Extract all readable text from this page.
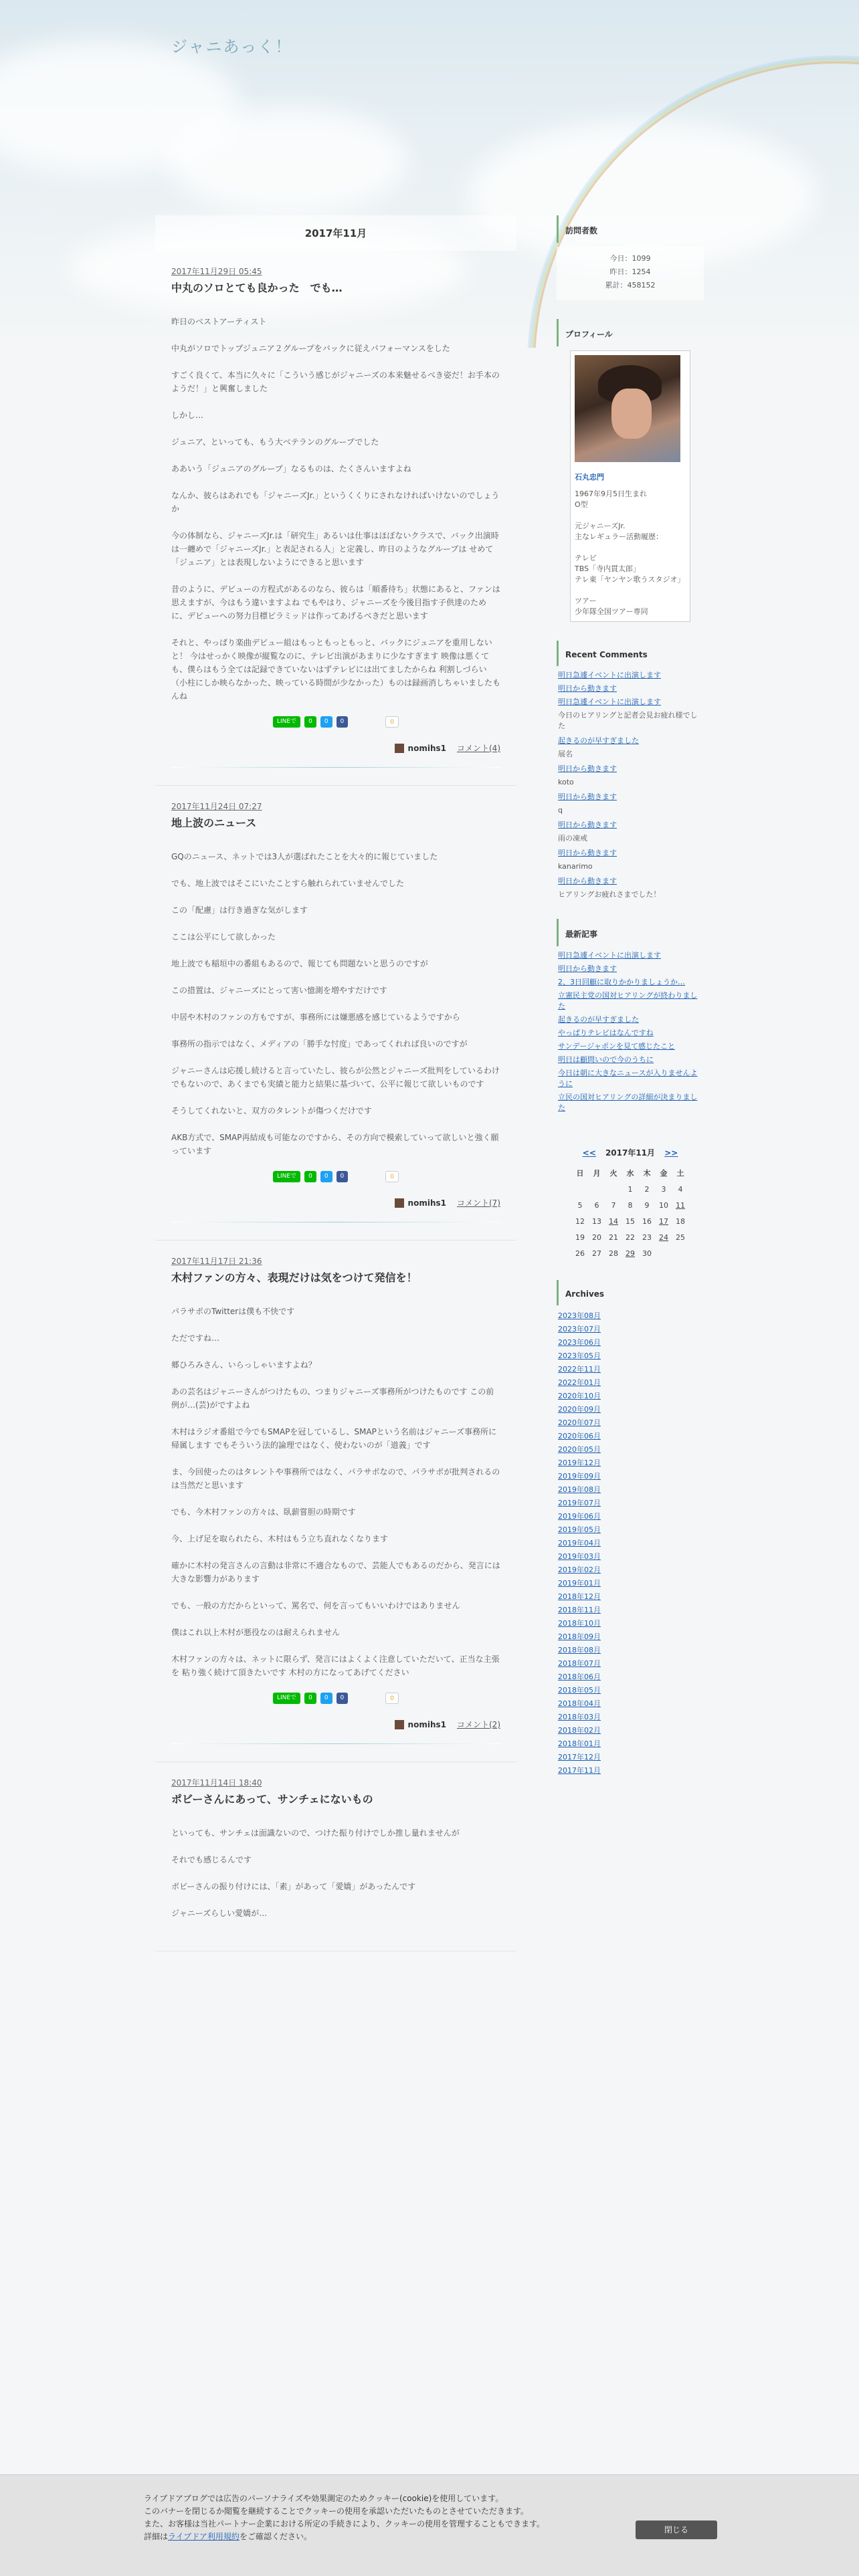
ジャニあっく！
2017年11月
2017年11月29日 05:45
中丸のソロとても良かった　でも…

昨日のベストアーティスト

中丸がソロでトップジュニア２グループをバックに従えパフォーマンスをした

すごく良くて、本当に久々に「こういう感じがジャニーズの本来魅せるべき姿だ！お手本のようだ！」と興奮しました

しかし…

ジュニア、といっても、もう大ベテランのグループでした

ああいう「ジュニアのグループ」なるものは、たくさんいますよね

なんか、彼らはあれでも「ジャニーズJr.」というくくりにされなければいけないのでしょうか

今の体制なら、ジャニーズJr.は「研究生」あるいは仕事はほぼないクラスで、バック出演時は一纏めで「ジャニーズJr.」と表記される人」と定義し、昨日のようなグループは せめて「ジュニア」とは表現しないようにできると思います

昔のように、デビューの方程式があるのなら、彼らは「順番待ち」状態にあると、ファンは思えますが、今はもう違いますよね でもやはり、ジャニーズを今後目指す子供達のために、デビューへの努力目標ピラミッドは作ってあげるべきだと思います

それと、やっぱり楽曲デビュー組はもっともっともっと、バックにジュニアを重用しないと！ 今はせっかく映像が縦覧なのに、テレビ出演があまりに少なすぎます 映像は悪くても、僕らはもう全ては記録できていないはずテレビには出てましたからね 利割しづらい（小柱にしか映らなかった、映っている時間が少なかった）ものは録画消しちゃいましたもんね

LINEで	0	0	0	0
nomihs1 コメント(4)
2017年11月24日 07:27
地上波のニュース

GQのニュース、ネットでは3人が選ばれたことを大々的に報じていました

でも、地上波ではそこにいたことすら触れられていませんでした

この「配慮」は行き過ぎな気がします

ここは公平にして欲しかった

地上波でも稲垣中の番組もあるので、報じても問題ないと思うのですが

この措置は、ジャニーズにとって害い憶測を増やすだけです

中居や木村のファンの方もですが、事務所には嫌悪感を感じているようですから

事務所の指示ではなく、メディアの「勝手な忖度」であってくれれば良いのですが

ジャニーさんは応援し続けると言っていたし、彼らが公然とジャニーズ批判をしているわけでもないので、あくまでも実績と能力と結果に基づいて、公平に報じて欲しいものです

そうしてくれないと、双方のタレントが傷つくだけです

AKB方式で、SMAP再結成も可能なのですから、その方向で模索していって欲しいと強く願っています

LINEで	0	0	0	0
nomihs1 コメント(7)
2017年11月17日 21:36
木村ファンの方々、表現だけは気をつけて発信を！

パラサポのTwitterは僕も不快です

ただですね…

郷ひろみさん、いらっしゃいますよね？

あの芸名はジャニーさんがつけたもの、つまりジャニーズ事務所がつけたものです この前例が…(芸)がですよね

木村はラジオ番組で今でもSMAPを冠しているし、SMAPという名前はジャニーズ事務所に帰属します でもそういう法的論理ではなく、使わないのが「道義」です

ま、今回使ったのはタレントや事務所ではなく、パラサポなので、パラサポが批判されるのは当然だと思います

でも、今木村ファンの方々は、臥薪嘗胆の時期です

今、上げ足を取られたら、木村はもう立ち直れなくなります

確かに木村の発言さんの言動は非常に不適合なもので、芸能人でもあるのだから、発言には大きな影響力があります

でも、一般の方だからといって、罵名で、何を言ってもいいわけではありません

僕はこれ以上木村が悪役なのは耐えられません

木村ファンの方々は、ネットに限らず、発言にはよくよく注意していただいて、正当な主張を 粘り強く続けて頂きたいです 木村の方になってあげてください

LINEで	0	0	0	0
nomihs1 コメント(2)
2017年11月14日 18:40
ポビーさんにあって、サンチェにないもの

といっても、サンチェは面識ないので、つけた振り付けでしか推し量れませんが

それでも感じるんです

ポビーさんの振り付けには、「素」があって「愛嬌」があったんです

ジャニーズらしい愛嬌が…

訪問者数
今日：1099
昨日：1254
累計：458152
プロフィール
石丸忠門
1967年9月5日生まれ
O型

元ジャニーズJr.
主なレギュラー活動履歴：

テレビ
TBS「寺内貫太郎」
テレ東「ヤンヤン歌うスタジオ」

ツアー
少年隊全国ツアー専同
Recent Comments
明日急遽イベントに出演します
明日から動きます
明日急遽イベントに出演します
今日のヒアリングと記者会見お疲れ様でした
起きるのが早すぎました
展名
明日から動きます
koto
明日から動きます
q
明日から動きます
雨の凍戒
明日から動きます
kanarimo
明日から動きます
ヒアリングお疲れさまでした！
最新記事
明日急遽イベントに出演します
明日から動きます
2、3日回顧に取りかかりましょうか…
立憲民主党の国対ヒアリングが終わりました
起きるのが早すぎました
やっぱりテレビはなんですね
サンデージャポンを見て感じたこと
明日は顧問いので今のうちに
今日は朝に大きなニュースが入りませんように
立民の国対ヒアリングの詳細が決まりました
<< 2017年11月 >>
日	月	火	水	木	金	土
			1	2	3	4
5	6	7	8	9	10	11
12	13	14	15	16	17	18
19	20	21	22	23	24	25
26	27	28	29	30		
Archives
2023年08月
2023年07月
2023年06月
2023年05月
2022年11月
2022年01月
2020年10月
2020年09月
2020年07月
2020年06月
2020年05月
2019年12月
2019年09月
2019年08月
2019年07月
2019年06月
2019年05月
2019年04月
2019年03月
2019年02月
2019年01月
2018年12月
2018年11月
2018年10月
2018年09月
2018年08月
2018年07月
2018年06月
2018年05月
2018年04月
2018年03月
2018年02月
2018年01月
2017年12月
2017年11月
ライブドアブログでは広告のパーソナライズや効果測定のためクッキー(cookie)を使用しています。
このバナーを閉じるか閲覧を継続することでクッキーの使用を承認いただいたものとさせていただきます。
また、お客様は当社パートナー企業における所定の手続きにより、クッキーの使用を管理することもできます。
詳細はライブドア利用規約をご確認ください。
閉じる
